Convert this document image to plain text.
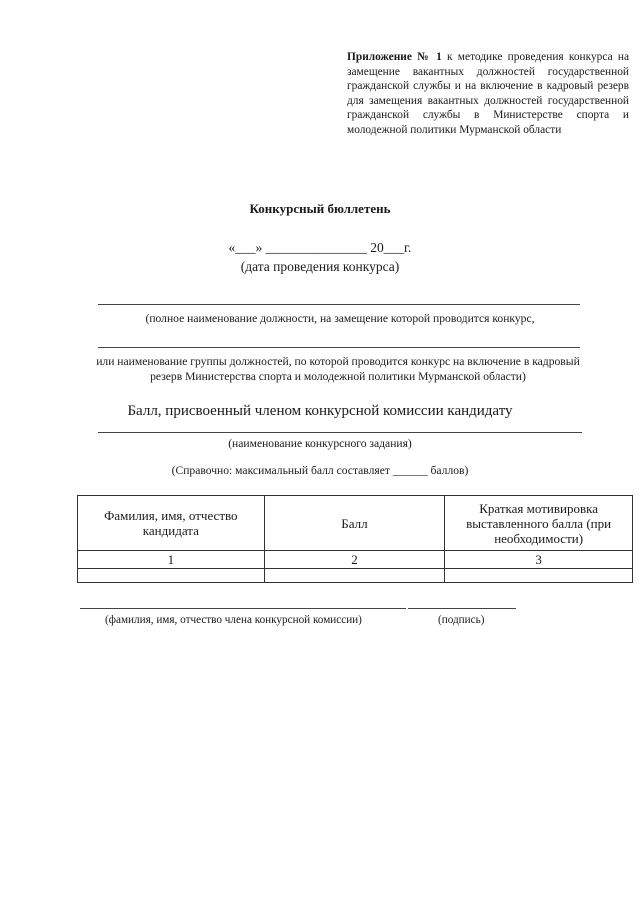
Приложение № 1 к методике проведения конкурса на замещение вакантных должностей государственной гражданской службы и на включение в кадровый резерв для замещения вакантных должностей государственной гражданской службы в Министерстве спорта и молодежной политики Мурманской области
Конкурсный бюллетень
«___» _______________ 20___г.
(дата проведения конкурса)
(полное наименование должности, на замещение которой проводится конкурс,
или наименование группы должностей, по которой проводится конкурс на включение в кадровый резерв Министерства спорта и молодежной политики Мурманской области)
Балл, присвоенный членом конкурсной комиссии кандидату
(наименование конкурсного задания)
(Справочно: максимальный балл составляет ______ баллов)
Фамилия, имя, отчество кандидата	Балл	Краткая мотивировка выставленного балла (при необходимости)
1	2	3

(фамилия, имя, отчество члена конкурсной комиссии)	(подпись)
